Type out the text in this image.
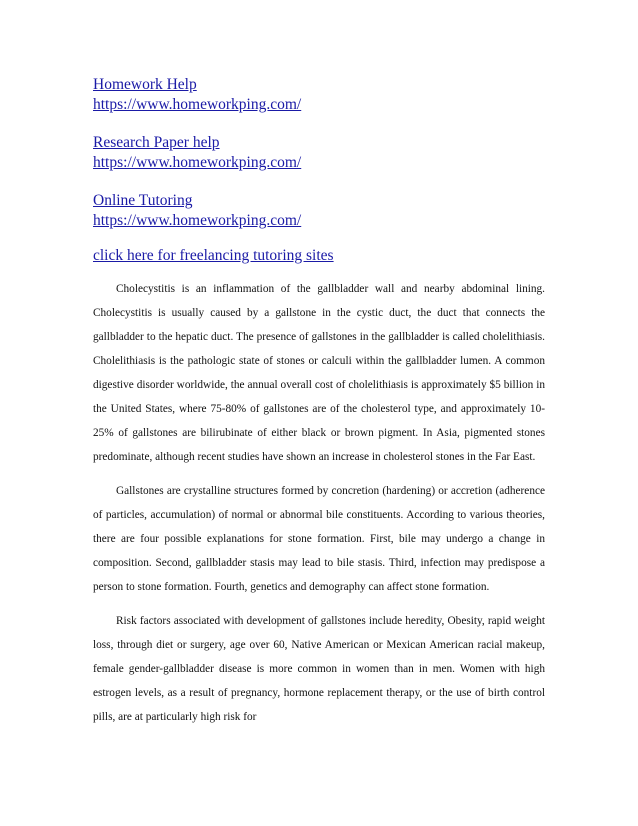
Homework Help
https://www.homeworkping.com/
Research Paper help
https://www.homeworkping.com/
Online Tutoring
https://www.homeworkping.com/
click here for freelancing tutoring sites

Cholecystitis is an inflammation of the gallbladder wall and nearby abdominal lining. Cholecystitis is usually caused by a gallstone in the cystic duct, the duct that connects the gallbladder to the hepatic duct. The presence of gallstones in the gallbladder is called cholelithiasis. Cholelithiasis is the pathologic state of stones or calculi within the gallbladder lumen. A common digestive disorder worldwide, the annual overall cost of cholelithiasis is approximately $5 billion in the United States, where 75-80% of gallstones are of the cholesterol type, and approximately 10-25% of gallstones are bilirubinate of either black or brown pigment. In Asia, pigmented stones predominate, although recent studies have shown an increase in cholesterol stones in the Far East.

Gallstones are crystalline structures formed by concretion (hardening) or accretion (adherence of particles, accumulation) of normal or abnormal bile constituents. According to various theories, there are four possible explanations for stone formation. First, bile may undergo a change in composition. Second, gallbladder stasis may lead to bile stasis. Third, infection may predispose a person to stone formation. Fourth, genetics and demography can affect stone formation.

Risk factors associated with development of gallstones include heredity, Obesity, rapid weight loss, through diet or surgery, age over 60, Native American or Mexican American racial makeup, female gender-gallbladder disease is more common in women than in men. Women with high estrogen levels, as a result of pregnancy, hormone replacement therapy, or the use of birth control pills, are at particularly high risk for
